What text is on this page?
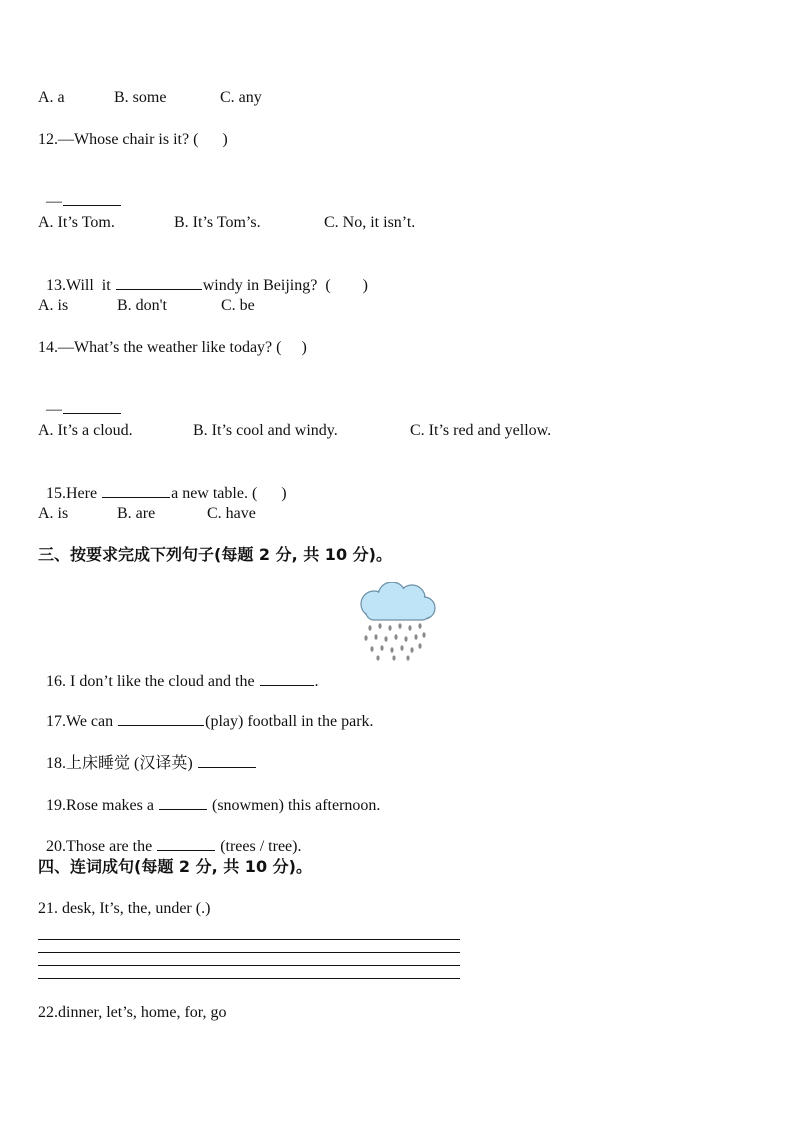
A. a

	B. some

	C. any

12.—Whose chair is it? (      )

—

A. It’s Tom.

	B. It’s Tom’s.

	C. No, it isn’t.

13.Will  it	windy in Beijing?  (        )

A. is

	B. don't

	C. be

14.—What’s the weather like today? (     )

—

A. It’s a cloud.

	B. It’s cool and windy.

	C. It’s red and yellow.

15.Here	a new table. (      )

A. is

	B. are

	C. have

三、按要求完成下列句子(每题 2 分, 共 10 分)。

16. I don’t like the cloud and the	.

17.We can	(play) football in the park.

18.上床睡觉 (汉译英)

19.Rose makes a	(snowmen) this afternoon.

20.Those are the	(trees / tree).

四、连词成句(每题 2 分, 共 10 分)。
21. desk, It’s, the, under (.)
22.dinner, let’s, home, for, go
